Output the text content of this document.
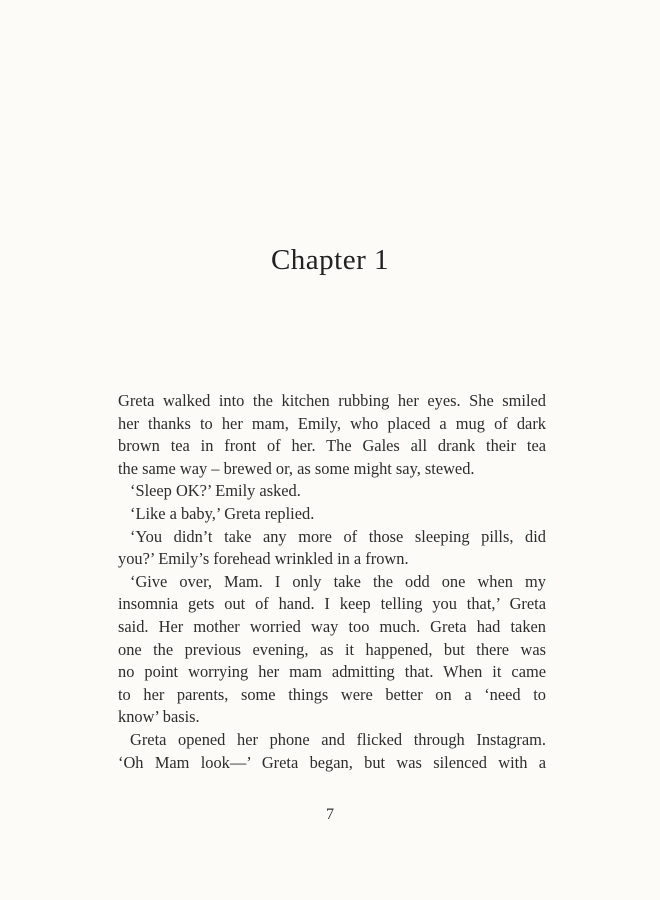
Chapter 1
Greta walked into the kitchen rubbing her eyes. She smiled
her thanks to her mam, Emily, who placed a mug of dark
brown tea in front of her. The Gales all drank their tea
the same way – brewed or, as some might say, stewed.
‘Sleep OK?’ Emily asked.
‘Like a baby,’ Greta replied.
‘You didn’t take any more of those sleeping pills, did
you?’ Emily’s forehead wrinkled in a frown.
‘Give over, Mam. I only take the odd one when my
insomnia gets out of hand. I keep telling you that,’ Greta
said. Her mother worried way too much. Greta had taken
one the previous evening, as it happened, but there was
no point worrying her mam admitting that. When it came
to her parents, some things were better on a ‘need to
know’ basis.
Greta opened her phone and flicked through Instagram.
‘Oh Mam look—’ Greta began, but was silenced with a
7
